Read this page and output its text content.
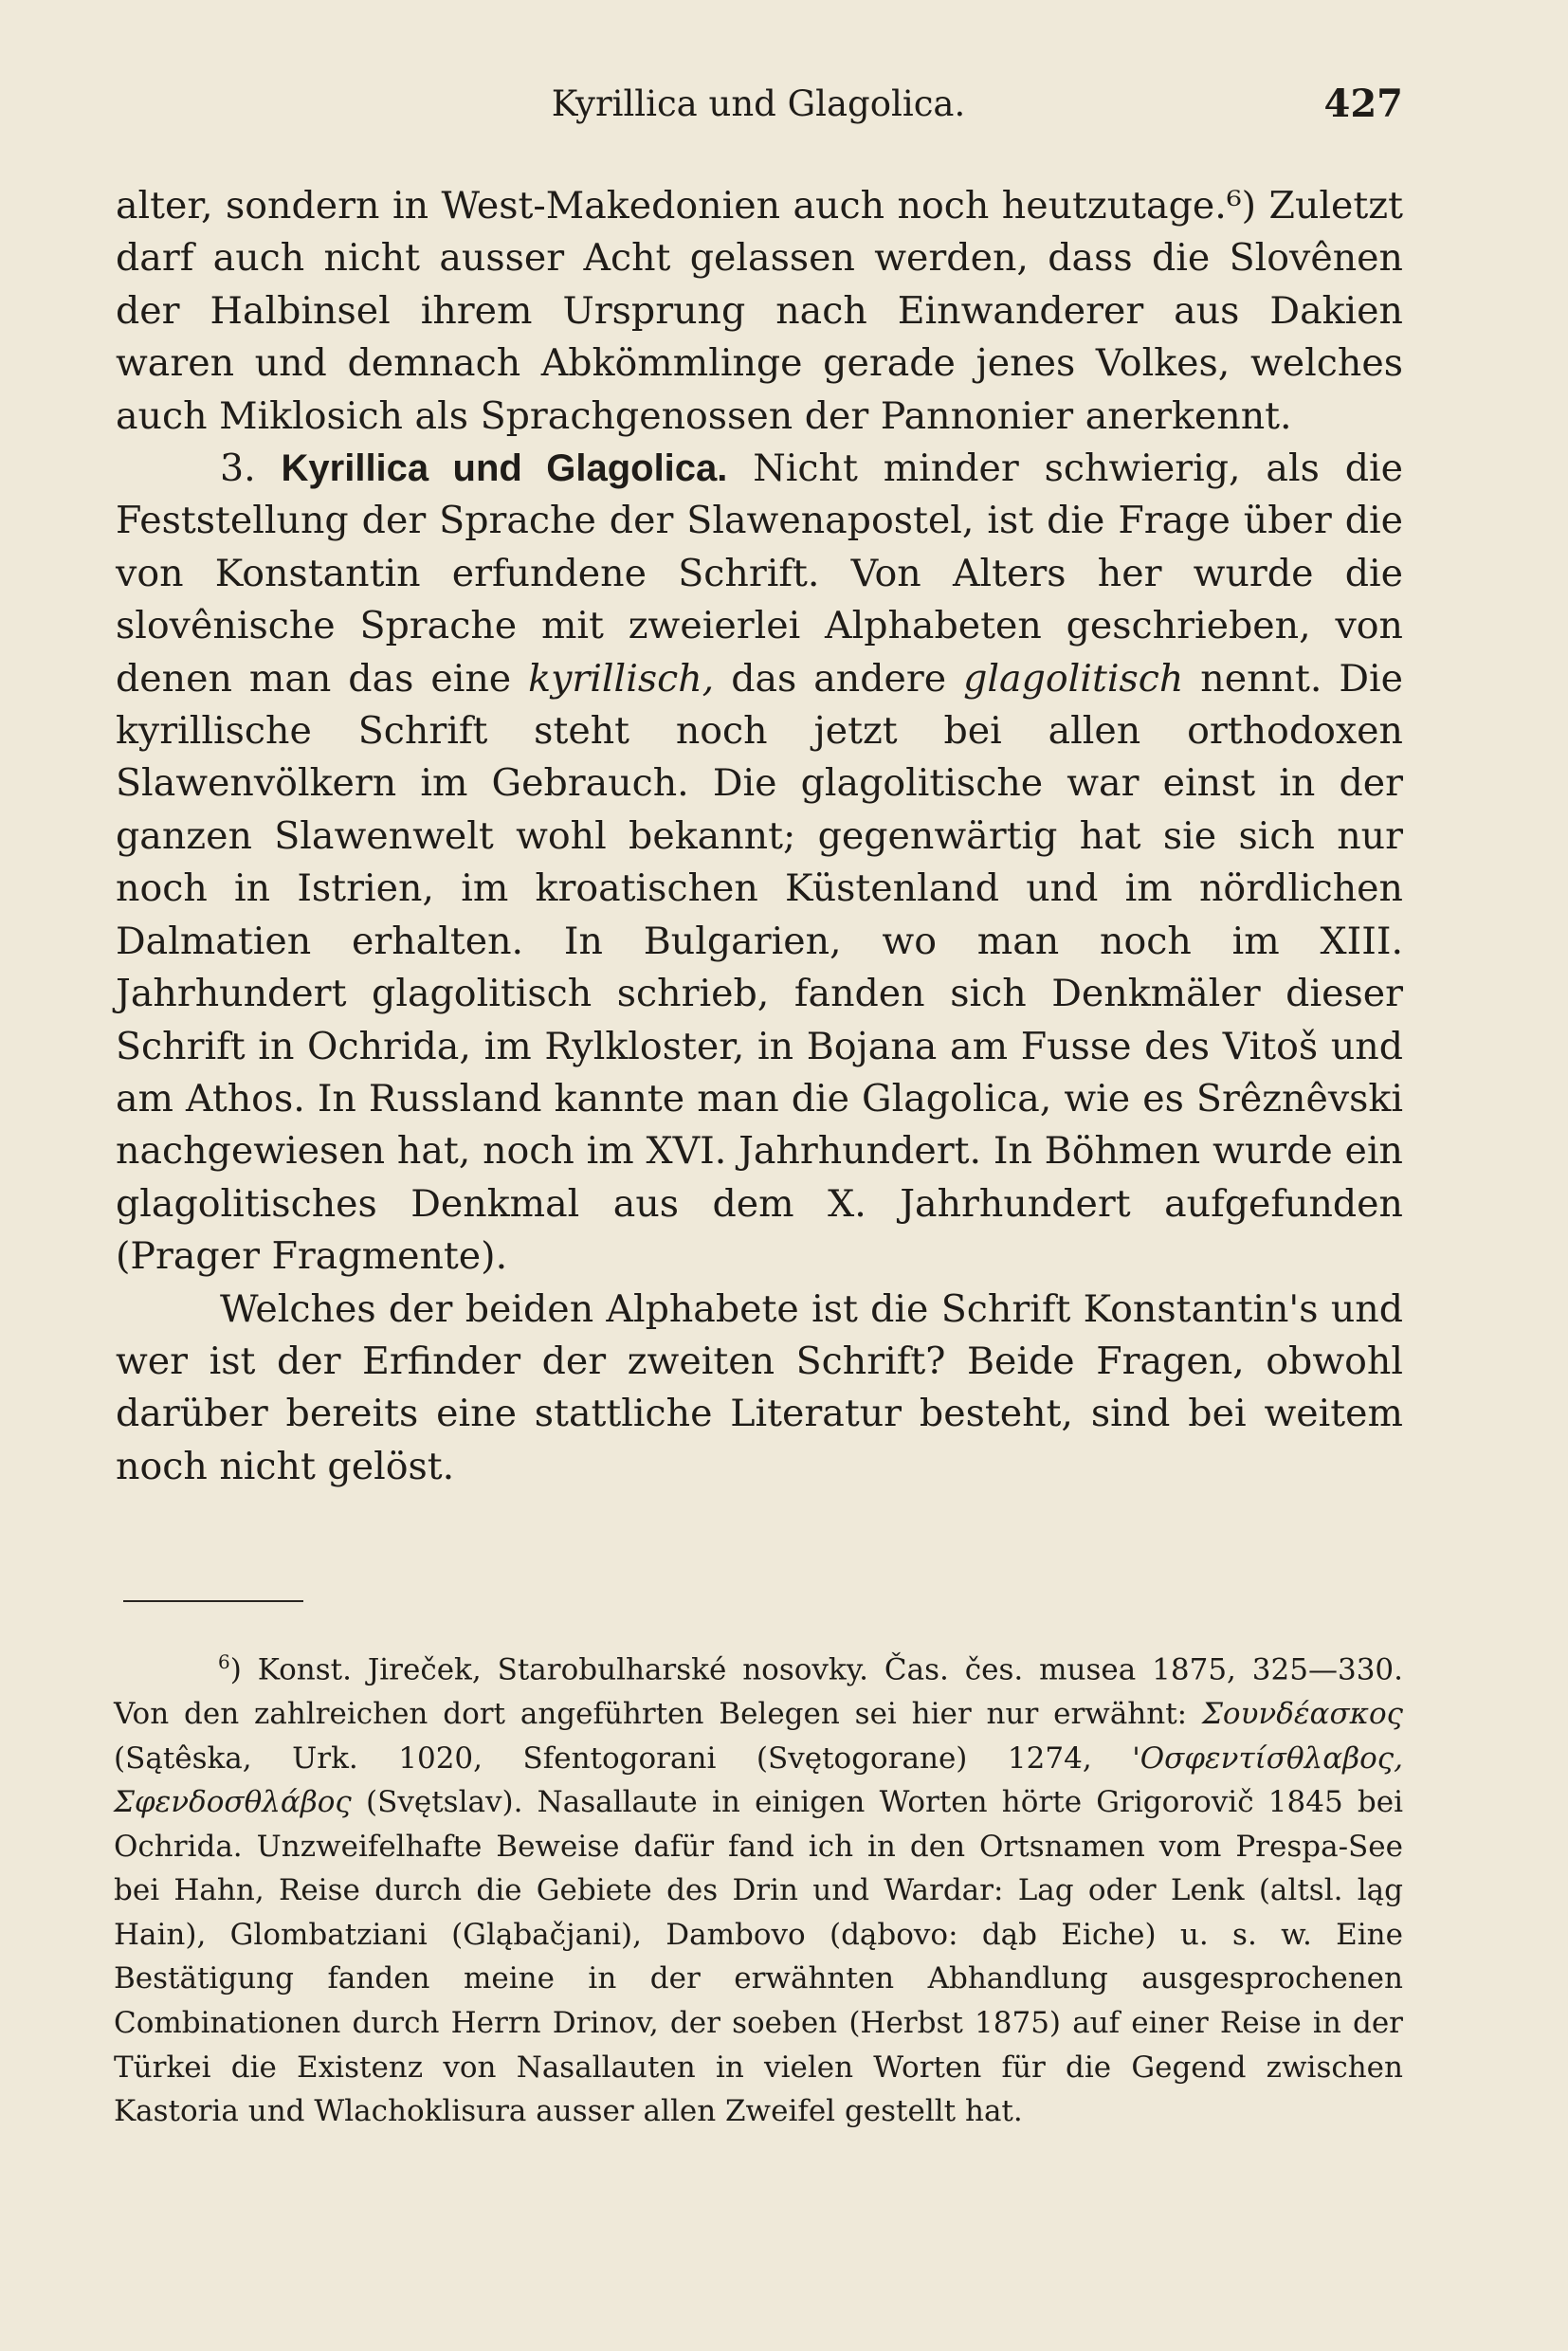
Kyrillica und Glagolica.	427

alter, sondern in West-Makedonien auch noch heutzutage.⁶) Zuletzt darf auch nicht ausser Acht gelassen werden, dass die Slovênen der Halbinsel ihrem Ursprung nach Einwanderer aus Dakien waren und demnach Abkömmlinge gerade jenes Volkes, welches auch Miklosich als Sprachgenossen der Pannonier anerkennt.

3. Kyrillica und Glagolica. Nicht minder schwierig, als die Feststellung der Sprache der Slawenapostel, ist die Frage über die von Konstantin erfundene Schrift. Von Alters her wurde die slovênische Sprache mit zweierlei Alphabeten geschrieben, von denen man das eine kyrillisch, das andere glagolitisch nennt. Die kyrillische Schrift steht noch jetzt bei allen orthodoxen Slawenvölkern im Gebrauch. Die glagolitische war einst in der ganzen Slawenwelt wohl bekannt; gegenwärtig hat sie sich nur noch in Istrien, im kroatischen Küstenland und im nördlichen Dalmatien erhalten. In Bulgarien, wo man noch im XIII. Jahrhundert glagolitisch schrieb, fanden sich Denkmäler dieser Schrift in Ochrida, im Rylkloster, in Bojana am Fusse des Vitoš und am Athos. In Russland kannte man die Glagolica, wie es Srêznêvski nachgewiesen hat, noch im XVI. Jahrhundert. In Böhmen wurde ein glagolitisches Denkmal aus dem X. Jahrhundert aufgefunden (Prager Fragmente).

Welches der beiden Alphabete ist die Schrift Konstantin's und wer ist der Erfinder der zweiten Schrift? Beide Fragen, obwohl darüber bereits eine stattliche Literatur besteht, sind bei weitem noch nicht gelöst.

$^6$) Konst. Jireček, Starobulharské nosovky. Čas. čes. musea 1875, 325—330. Von den zahlreichen dort angeführten Belegen sei hier nur erwähnt: Σουνδέασκος (Sątêska, Urk. 1020, Sfentogorani (Svętogorane) 1274, 'Οσφεντίσθλαβος, Σφενδοσθλάβος (Svętslav). Nasallaute in einigen Worten hörte Grigorovič 1845 bei Ochrida. Unzweifelhafte Beweise dafür fand ich in den Ortsnamen vom Prespa-See bei Hahn, Reise durch die Gebiete des Drin und Wardar: Lag oder Lenk (altsl. ląg Hain), Glombatziani (Gląbačjani), Dambovo (dąbovo: dąb Eiche) u. s. w. Eine Bestätigung fanden meine in der erwähnten Abhandlung ausgesprochenen Combinationen durch Herrn Drinov, der soeben (Herbst 1875) auf einer Reise in der Türkei die Existenz von Nasallauten in vielen Worten für die Gegend zwischen Kastoria und Wlachoklisura ausser allen Zweifel gestellt hat.
